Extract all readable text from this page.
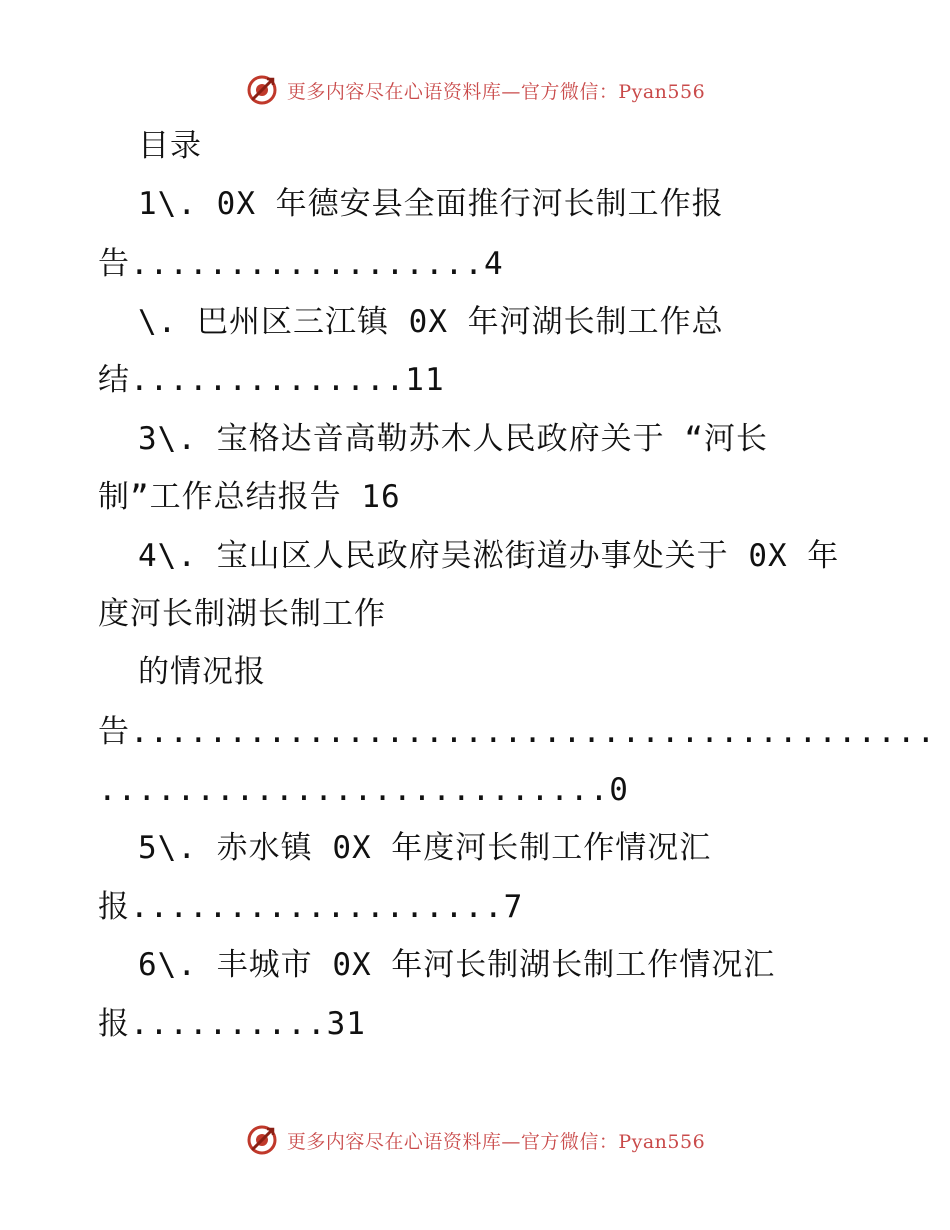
更多内容尽在心语资料库—官方微信：Pyan556
目录
1\. 0X 年德安县全面推行河长制工作报
告..................4
\. 巴州区三江镇 0X 年河湖长制工作总
结..............11
3\. 宝格达音高勒苏木人民政府关于 “河长
制”工作总结报告 16
4\. 宝山区人民政府吴淞街道办事处关于 0X 年
度河长制湖长制工作
的情况报
告.........................................
..........................0
5\. 赤水镇 0X 年度河长制工作情况汇
报...................7
6\. 丰城市 0X 年河长制湖长制工作情况汇
报..........31
更多内容尽在心语资料库—官方微信：Pyan556
